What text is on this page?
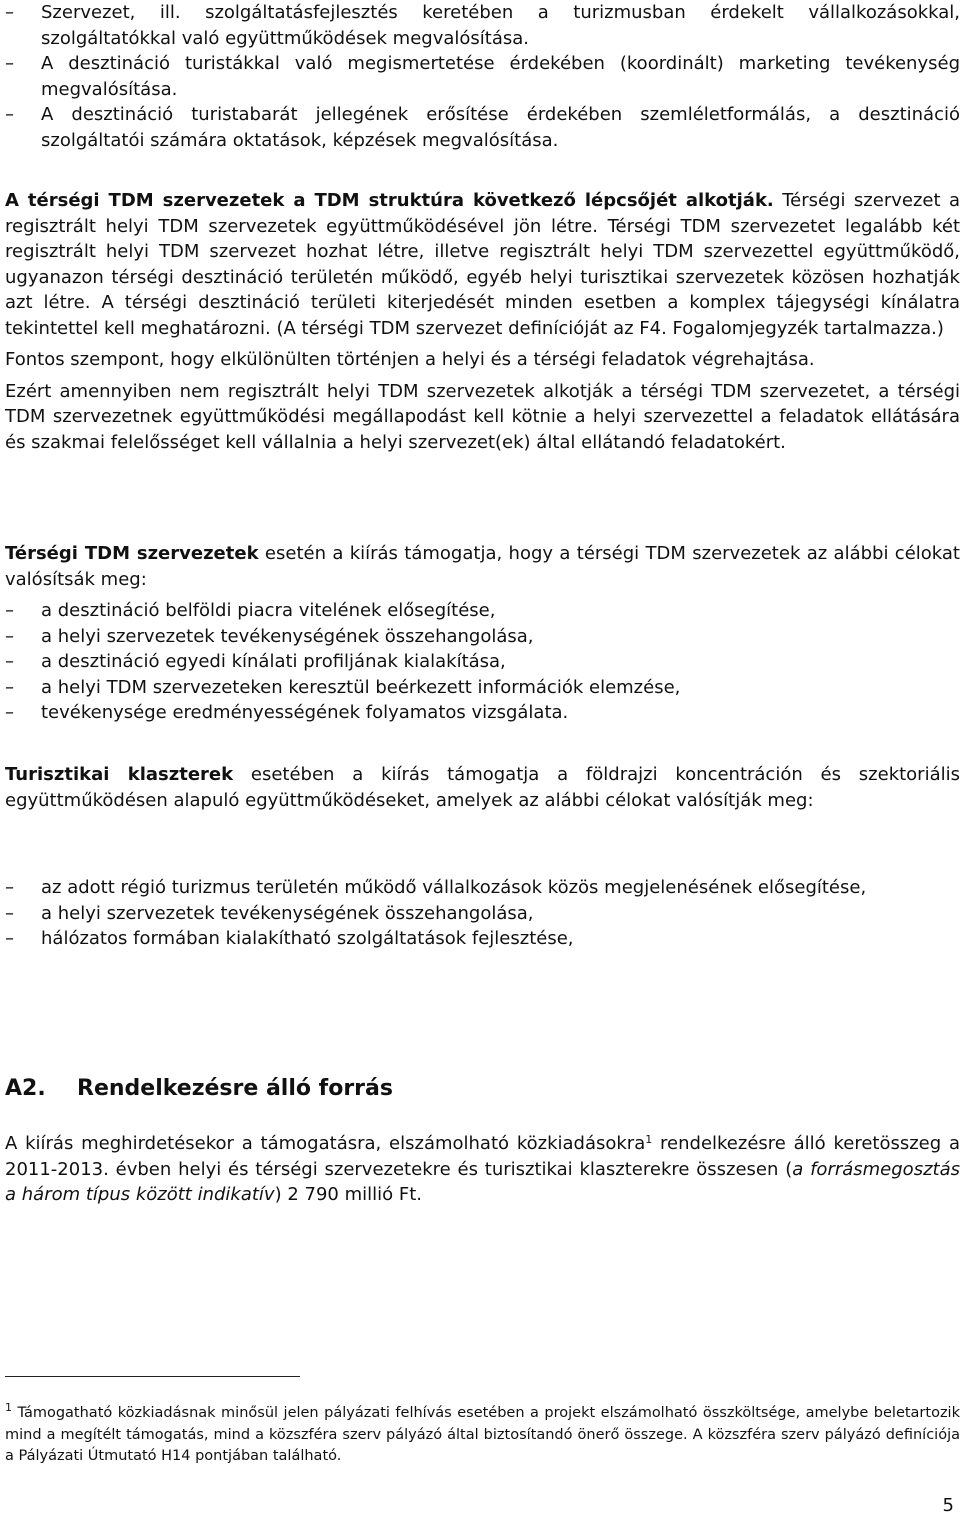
– Szervezet, ill. szolgáltatásfejlesztés keretében a turizmusban érdekelt vállalkozásokkal, szolgáltatókkal való együttműködések megvalósítása.
– A desztináció turistákkal való megismertetése érdekében (koordinált) marketing tevékenység megvalósítása.
– A desztináció turistabarát jellegének erősítése érdekében szemléletformálás, a desztináció szolgáltatói számára oktatások, képzések megvalósítása.

A térségi TDM szervezetek a TDM struktúra következő lépcsőjét alkotják. Térségi szervezet a regisztrált helyi TDM szervezetek együttműködésével jön létre. Térségi TDM szervezetet legalább két regisztrált helyi TDM szervezet hozhat létre, illetve regisztrált helyi TDM szervezettel együttműködő, ugyanazon térségi desztináció területén működő, egyéb helyi turisztikai szervezetek közösen hozhatják azt létre. A térségi desztináció területi kiterjedését minden esetben a komplex tájegységi kínálatra tekintettel kell meghatározni. (A térségi TDM szervezet definícióját az F4. Fogalomjegyzék tartalmazza.)

Fontos szempont, hogy elkülönülten történjen a helyi és a térségi feladatok végrehajtása.

Ezért amennyiben nem regisztrált helyi TDM szervezetek alkotják a térségi TDM szervezetet, a térségi TDM szervezetnek együttműködési megállapodást kell kötnie a helyi szervezettel a feladatok ellátására és szakmai felelősséget kell vállalnia a helyi szervezet(ek) által ellátandó feladatokért.

Térségi TDM szervezetek esetén a kiírás támogatja, hogy a térségi TDM szervezetek az alábbi célokat valósítsák meg:

– a desztináció belföldi piacra vitelének elősegítése,
– a helyi szervezetek tevékenységének összehangolása,
– a desztináció egyedi kínálati profiljának kialakítása,
– a helyi TDM szervezeteken keresztül beérkezett információk elemzése,
– tevékenysége eredményességének folyamatos vizsgálata.

Turisztikai klaszterek esetében a kiírás támogatja a földrajzi koncentráción és szektoriális együttműködésen alapuló együttműködéseket, amelyek az alábbi célokat valósítják meg:

– az adott régió turizmus területén működő vállalkozások közös megjelenésének elősegítése,
– a helyi szervezetek tevékenységének összehangolása,
– hálózatos formában kialakítható szolgáltatások fejlesztése,
A2. Rendelkezésre álló forrás

A kiírás meghirdetésekor a támogatásra, elszámolható közkiadásokra$^1$ rendelkezésre álló keretösszeg a 2011-2013. évben helyi és térségi szervezetekre és turisztikai klaszterekre összesen (a forrásmegosztás a három típus között indikatív) 2 790 millió Ft.

$^1$ Támogatható közkiadásnak minősül jelen pályázati felhívás esetében a projekt elszámolható összköltsége, amelybe beletartozik mind a megítélt támogatás, mind a közszféra szerv pályázó által biztosítandó önerő összege. A közszféra szerv pályázó definíciója a Pályázati Útmutató H14 pontjában található.
5
